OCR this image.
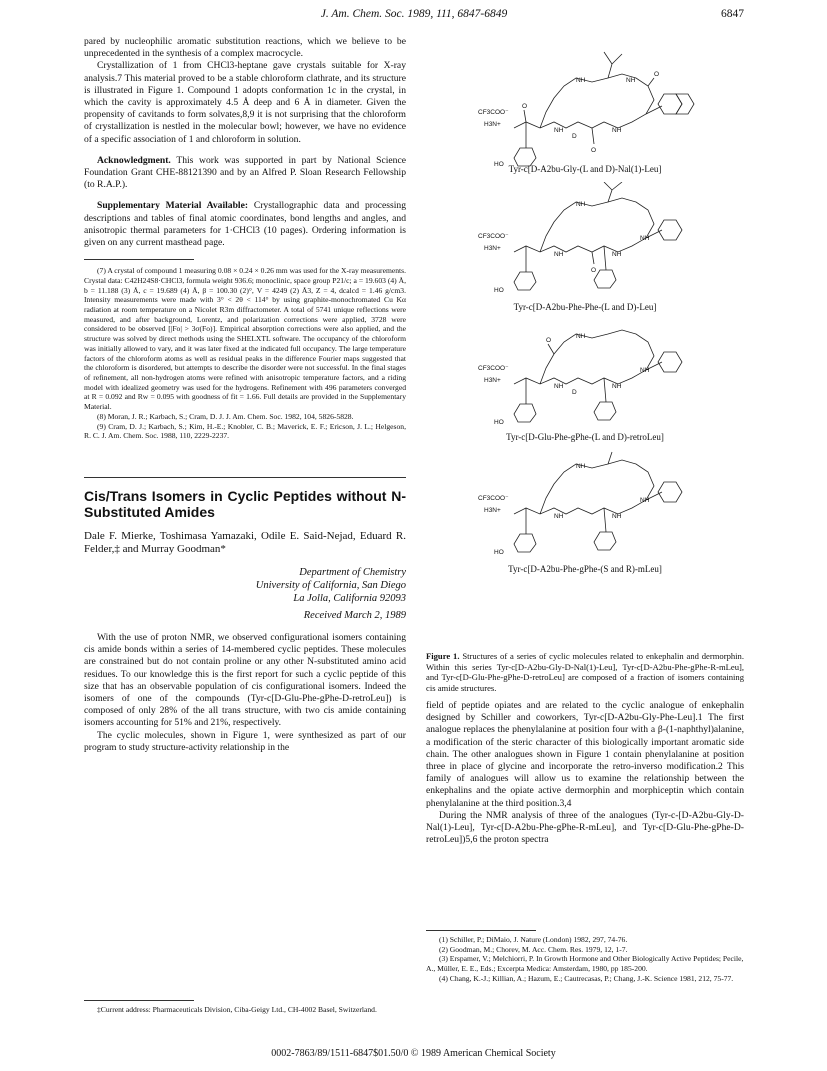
J. Am. Chem. Soc. 1989, 111, 6847-6849	6847

pared by nucleophilic aromatic substitution reactions, which we believe to be unprecedented in the synthesis of a complex macrocycle.

Crystallization of 1 from CHCl3-heptane gave crystals suitable for X-ray analysis.7 This material proved to be a stable chloroform clathrate, and its structure is illustrated in Figure 1. Compound 1 adopts conformation 1c in the crystal, in which the cavity is approximately 4.5 Å deep and 6 Å in diameter. Given the propensity of cavitands to form solvates,8,9 it is not surprising that the chloroform of crystallization is nestled in the molecular bowl; however, we have no evidence of a specific association of 1 and chloroform in solution.

Acknowledgment. This work was supported in part by National Science Foundation Grant CHE-88121390 and by an Alfred P. Sloan Research Fellowship (to R.A.P.).

Supplementary Material Available: Crystallographic data and processing descriptions and tables of final atomic coordinates, bond lengths and angles, and anisotropic thermal parameters for 1·CHCl3 (10 pages). Ordering information is given on any current masthead page.

(7) A crystal of compound 1 measuring 0.08 × 0.24 × 0.26 mm was used for the X-ray measurements. Crystal data: C42H24S8·CHCl3, formula weight 936.6; monoclinic, space group P21/c; a = 19.603 (4) Å, b = 11.188 (3) Å, c = 19.689 (4) Å, β = 100.30 (2)°, V = 4249 (2) Å3, Z = 4, dcalcd = 1.46 g/cm3. Intensity measurements were made with 3° < 2θ < 114° by using graphite-monochromated Cu Kα radiation at room temperature on a Nicolet R3m diffractometer. A total of 5741 unique reflections were measured, and after background, Lorentz, and polarization corrections were applied, 3728 were considered to be observed [|Fo| > 3σ(Fo)]. Empirical absorption corrections were also applied, and the structure was solved by direct methods using the SHELXTL software. The occupancy of the chloroform was initially allowed to vary, and it was later fixed at the indicated full occupancy. The large temperature factors of the chloroform atoms as well as residual peaks in the difference Fourier maps suggested that the chloroform is disordered, but attempts to describe the disorder were not successful. In the final stages of refinement, all non-hydrogen atoms were refined with anisotropic temperature factors, and a riding model with idealized geometry was used for the hydrogens. Refinement with 496 parameters converged at R = 0.092 and Rw = 0.095 with goodness of fit = 1.66. Full details are provided in the Supplementary Material.

(8) Moran, J. R.; Karbach, S.; Cram, D. J. J. Am. Chem. Soc. 1982, 104, 5826-5828.

(9) Cram, D. J.; Karbach, S.; Kim, H.-E.; Knobler, C. B.; Maverick, E. F.; Ericson, J. L.; Helgeson, R. C. J. Am. Chem. Soc. 1988, 110, 2229-2237.

Cis/Trans Isomers in Cyclic Peptides without N-Substituted Amides
Dale F. Mierke, Toshimasa Yamazaki, Odile E. Said-Nejad, Eduard R. Felder,‡ and Murray Goodman*
Department of Chemistry
University of California, San Diego
La Jolla, California 92093
Received March 2, 1989

With the use of proton NMR, we observed configurational isomers containing cis amide bonds within a series of 14-membered cyclic peptides. These molecules are constrained but do not contain proline or any other N-substituted amino acid residues. To our knowledge this is the first report for such a cyclic peptide of this size that has an observable population of cis configurational isomers. Indeed the isomers of one of the compounds (Tyr-c[D-Glu-Phe-gPhe-D-retroLeu]) is composed of only 28% of the all trans structure, with two cis amide containing isomers accounting for 51% and 21%, respectively.

The cyclic molecules, shown in Figure 1, were synthesized as part of our program to study structure-activity relationship in the

‡Current address: Pharmaceuticals Division, Ciba-Geigy Ltd., CH-4002 Basel, Switzerland.

CF3COO⁻
H3N+
HO
NH	NH
NH	NH
O
O
O
D
Tyr-c[D-A2bu-Gly-(L and D)-Nal(1)-Leu]
CF3COO⁻
H3N+
HO
NH	NH
NH
NH
O
Tyr-c[D-A2bu-Phe-Phe-(L and D)-Leu]
CF3COO⁻
H3N+
HO
NH	NH
NH
NH
O
D
Tyr-c[D-Glu-Phe-gPhe-(L and D)-retroLeu]
CF3COO⁻
H3N+
HO
NH	NH
NH
NH
Tyr-c[D-A2bu-Phe-gPhe-(S and R)-mLeu]
Figure 1. Structures of a series of cyclic molecules related to enkephalin and dermorphin. Within this series Tyr-c[D-A2bu-Gly-D-Nal(1)-Leu], Tyr-c[D-A2bu-Phe-gPhe-R-mLeu], and Tyr-c[D-Glu-Phe-gPhe-D-retroLeu] are composed of a fraction of isomers containing cis amide structures.

field of peptide opiates and are related to the cyclic analogue of enkephalin designed by Schiller and coworkers, Tyr-c[D-A2bu-Gly-Phe-Leu].1 The first analogue replaces the phenylalanine at position four with a β-(1-naphthyl)alanine, a modification of the steric character of this biologically important aromatic side chain. The other analogues shown in Figure 1 contain phenylalanine at position three in place of glycine and incorporate the retro-inverso modification.2 This family of analogues will allow us to examine the relationship between the enkephalins and the opiate active dermorphin and morphiceptin which contain phenylalanine at the third position.3,4

During the NMR analysis of three of the analogues (Tyr-c-[D-A2bu-Gly-D-Nal(1)-Leu], Tyr-c[D-A2bu-Phe-gPhe-R-mLeu], and Tyr-c[D-Glu-Phe-gPhe-D-retroLeu])5,6 the proton spectra

(1) Schiller, P.; DiMaio, J. Nature (London) 1982, 297, 74-76.

(2) Goodman, M.; Chorev, M. Acc. Chem. Res. 1979, 12, 1-7.

(3) Erspamer, V.; Melchiorri, P. In Growth Hormone and Other Biologically Active Peptides; Pecile, A., Müller, E. E., Eds.; Excerpta Medica: Amsterdam, 1980, pp 185-200.

(4) Chang, K.-J.; Killian, A.; Hazum, E.; Cautrecasas, P.; Chang, J.-K. Science 1981, 212, 75-77.

0002-7863/89/1511-6847$01.50/0 © 1989 American Chemical Society
